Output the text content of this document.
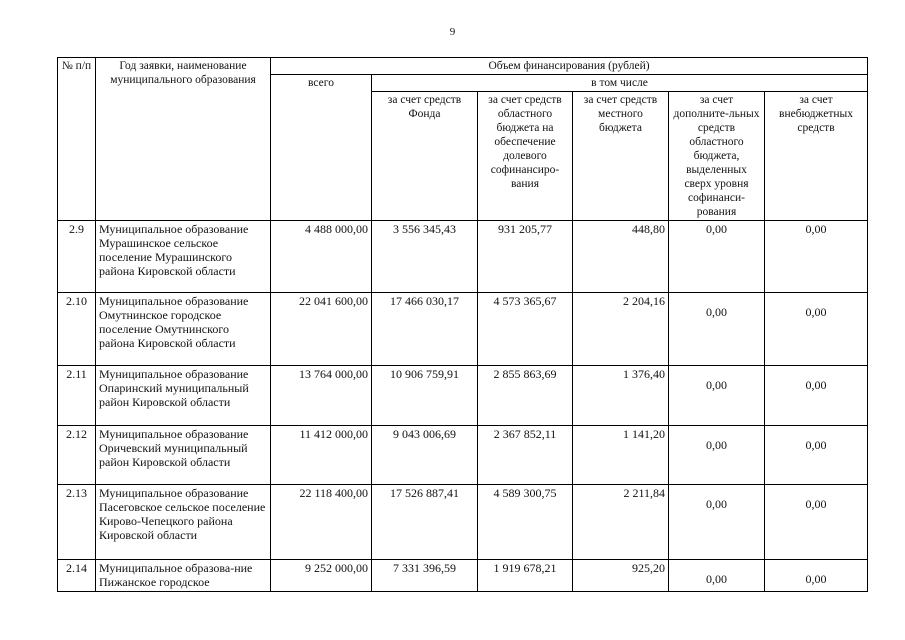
9
№ п/п	Год заявки, наименование муниципального образования	Объем финансирования (рублей)					
		всего	в том числе				
			за счет средств Фонда	за счет средств областного бюджета на обеспечение долевого софинансиро-вания	за счет средств местного бюджета	за счет дополните-льных средств областного бюджета, выделенных сверх уровня софинанси-рования	за счет внебюджетных средств
2.9	Муниципальное образование Мурашинское сельское поселение Мурашинского района Кировской области	4 488 000,00	3 556 345,43	931 205,77	448,80	0,00	0,00
2.10	Муниципальное образование Омутнинское городское поселение Омутнинского района Кировской области	22 041 600,00	17 466 030,17	4 573 365,67	2 204,16	0,00	0,00
2.11	Муниципальное образование Опаринский муниципальный район Кировской области	13 764 000,00	10 906 759,91	2 855 863,69	1 376,40	0,00	0,00
2.12	Муниципальное образование Оричевский муниципальный район Кировской области	11 412 000,00	9 043 006,69	2 367 852,11	1 141,20	0,00	0,00
2.13	Муниципальное образование Пасеговское сельское поселение Кирово-Чепецкого района Кировской области	22 118 400,00	17 526 887,41	4 589 300,75	2 211,84	0,00	0,00
2.14	Муниципальное образова-ние Пижанское городское	9 252 000,00	7 331 396,59	1 919 678,21	925,20	0,00	0,00
